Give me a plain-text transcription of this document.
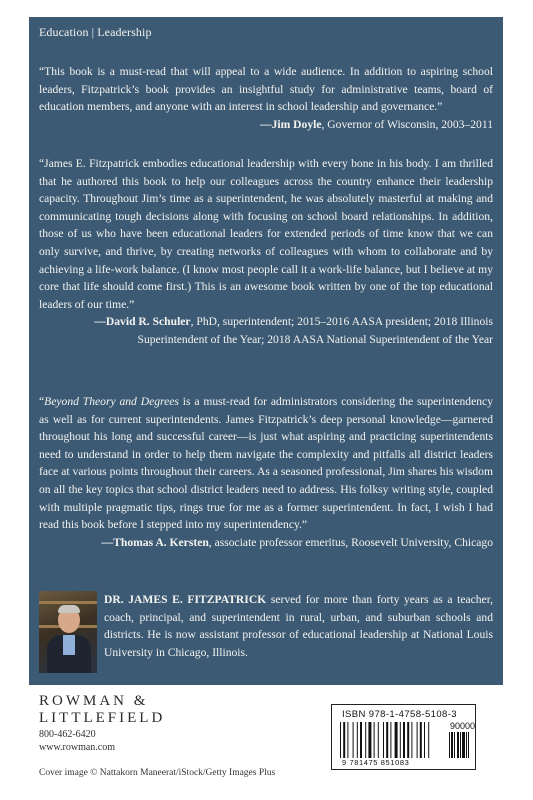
Education | Leadership
“This book is a must-read that will appeal to a wide audience. In addition to aspiring school leaders, Fitzpatrick’s book provides an insightful study for administrative teams, board of education members, and anyone with an interest in school leadership and governance.”
—Jim Doyle, Governor of Wisconsin, 2003–2011
“James E. Fitzpatrick embodies educational leadership with every bone in his body. I am thrilled that he authored this book to help our colleagues across the country enhance their leadership capacity. Throughout Jim’s time as a superintendent, he was absolutely masterful at making and communicating tough decisions along with focusing on school board relationships. In addition, those of us who have been educational leaders for extended periods of time know that we can only survive, and thrive, by creating networks of colleagues with whom to collaborate and by achieving a life-work balance. (I know most people call it a work-life balance, but I believe at my core that life should come first.) This is an awesome book written by one of the top educational leaders of our time.”
—David R. Schuler, PhD, superintendent; 2015–2016 AASA president; 2018 Illinois Superintendent of the Year; 2018 AASA National Superintendent of the Year
“Beyond Theory and Degrees is a must-read for administrators considering the superintendency as well as for current superintendents. James Fitzpatrick’s deep personal knowledge—garnered throughout his long and successful career—is just what aspiring and practicing superintendents need to understand in order to help them navigate the complexity and pitfalls all district leaders face at various points throughout their careers. As a seasoned professional, Jim shares his wisdom on all the key topics that school district leaders need to address. His folksy writing style, coupled with multiple pragmatic tips, rings true for me as a former superintendent. In fact, I wish I had read this book before I stepped into my superintendency.”
—Thomas A. Kersten, associate professor emeritus, Roosevelt University, Chicago
DR. JAMES E. FITZPATRICK served for more than forty years as a teacher, coach, principal, and superintendent in rural, urban, and suburban schools and districts. He is now assistant professor of educational leadership at National Louis University in Chicago, Illinois.
ROWMAN &
LITTLEFIELD
800-462-6420
www.rowman.com
ISBN 978-1-4758-5108-3
90000
9 781475 851083
Cover image © Nattakorn Maneerat/iStock/Getty Images Plus
